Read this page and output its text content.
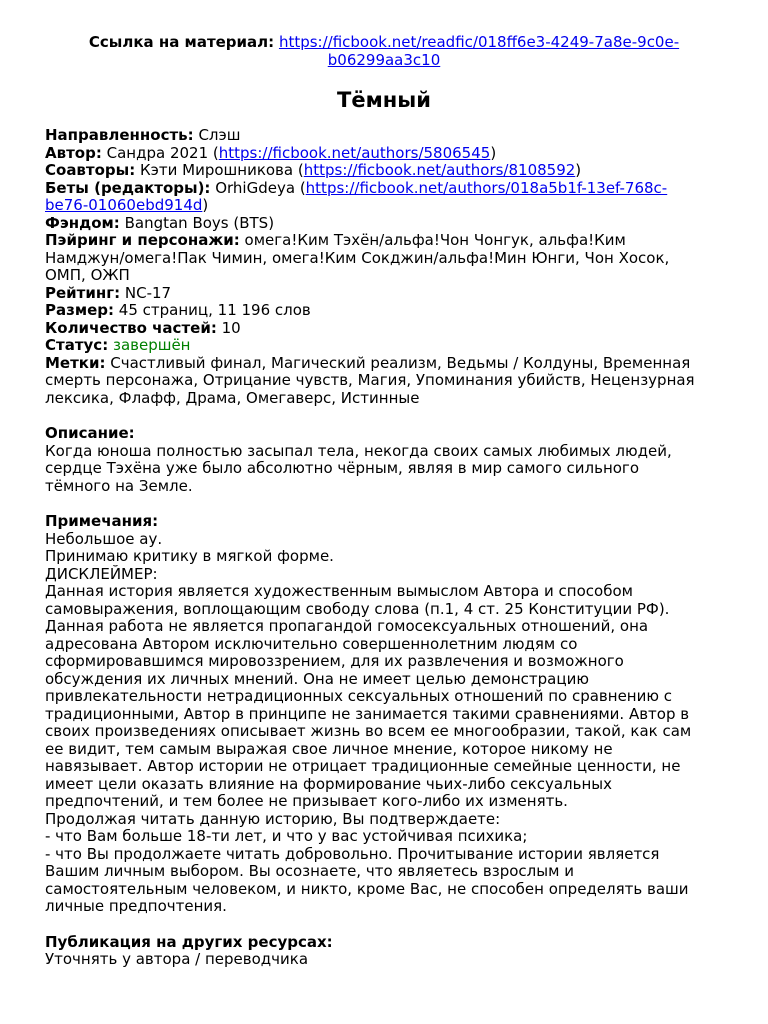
Ссылка на материал: https://ficbook.net/readfic/018ff6e3-4249-7a8e-9c0e-
b06299aa3c10
Тёмный

Направленность: Слэш

Автор: Сандра 2021 (https://ficbook.net/authors/5806545)

Соавторы: Кэти Мирошникова (https://ficbook.net/authors/8108592)

Беты (редакторы): OrhiGdeya (https://ficbook.net/authors/018a5b1f-13ef-768c-
be76-01060ebd914d)

Фэндом: Bangtan Boys (BTS)

Пэйринг и персонажи: омега!Ким Тэхён/альфа!Чон Чонгук, альфа!Ким
Намджун/омега!Пак Чимин, омега!Ким Сокджин/альфа!Мин Юнги, Чон Хосок,
ОМП, ОЖП

Рейтинг: NC-17

Размер: 45 страниц, 11 196 слов

Количество частей: 10

Статус: завершён

Метки: Счастливый финал, Магический реализм, Ведьмы / Колдуны, Временная
смерть персонажа, Отрицание чувств, Магия, Упоминания убийств, Нецензурная
лексика, Флафф, Драма, Омегаверс, Истинные

Описание:

Когда юноша полностью засыпал тела, некогда своих самых любимых людей,

сердце Тэхёна уже было абсолютно чёрным, являя в мир самого сильного

тёмного на Земле.

Примечания:

Небольшое ау.

Принимаю критику в мягкой форме.

ДИСКЛЕЙМЕР:

Данная история является художественным вымыслом Автора и способом

самовыражения, воплощающим свободу слова (п.1, 4 ст. 25 Конституции РФ).

Данная работа не является пропагандой гомосексуальных отношений, она

адресована Автором исключительно совершеннолетним людям со

сформировавшимся мировоззрением, для их развлечения и возможного

обсуждения их личных мнений. Она не имеет целью демонстрацию

привлекательности нетрадиционных сексуальных отношений по сравнению с

традиционными, Автор в принципе не занимается такими сравнениями. Автор в

своих произведениях описывает жизнь во всем ее многообразии, такой, как сам

ее видит, тем самым выражая свое личное мнение, которое никому не

навязывает. Автор истории не отрицает традиционные семейные ценности, не

имеет цели оказать влияние на формирование чьих-либо сексуальных

предпочтений, и тем более не призывает кого-либо их изменять.

Продолжая читать данную историю, Вы подтверждаете:

- что Вам больше 18-ти лет, и что у вас устойчивая психика;

- что Вы продолжаете читать добровольно. Прочитывание истории является

Вашим личным выбором. Вы осознаете, что являетесь взрослым и

самостоятельным человеком, и никто, кроме Вас, не способен определять ваши

личные предпочтения.

Публикация на других ресурсах:

Уточнять у автора / переводчика
